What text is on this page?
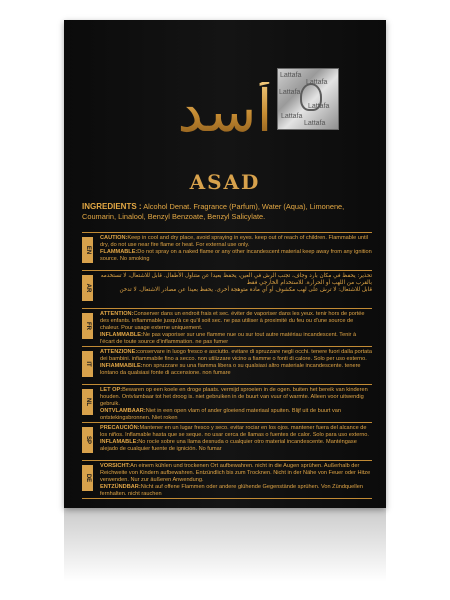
Lattafa
أسد
ASAD
INGREDIENTS : Alcohol Denat. Fragrance (Parfum), Water (Aqua), Limonene, Coumarin, Linalool, Benzyl Benzoate, Benzyl Salicylate.
EN
CAUTION:Keep in cool and dry place, avoid spraying in eyes. keep out of reach of children. Flammable until dry, do not use near fire flame or heat. For external use only.
FLAMMABLE:Do not spray on a naked flame or any other incandescent material keep away from any ignition source. No smoking
AR
تحذير: يحفظ في مكان بارد وجاف، تجنب الرش في العين، يحفظ بعيدا عن متناول الأطفال. قابل للاشتعال، لا تستخدمه بالقرب من اللهب أو الحرارة. للاستخدام الخارجي فقط
قابل للاشتعال: لا ترش على لهب مكشوف أو أي مادة متوهجة أخرى. يحفظ بعيدا عن مصادر الاشتعال. لا تدخن
FR
ATTENTION:Conserver dans un endroit frais et sec. éviter de vaporiser dans les yeux. tenir hors de portée des enfants. inflammable jusqu'à ce qu'il soit sec. ne pas utiliser à proximité du feu ou d'une source de chaleur. Pour usage externe uniquement.
INFLAMMABLE:Ne pas vaporiser sur une flamme nue ou sur tout autre matériau incandescent. Tenir à l'écart de toute source d'inflammation. ne pas fumer
IT
ATTENZIONE:conservare in luogo fresco e asciutto. evitare di spruzzare negli occhi. tenere fuori dalla portata dei bambini. infiammabile fino a secco. non utilizzare vicino a fiamme o fonti di calore. Solo per uso esterno.
INFIAMMABILE:non spruzzare su una fiamma libera o su qualsiasi altro materiale incandescente. tenere lontano da qualsiasi fonte di accensione. non fumare
NL
LET OP:Bewaren op een koele en droge plaats. vermijd sproeien in de ogen. buiten het bereik van kinderen houden. Ontvlambaar tot het droog is. niet gebruiken in de buurt van vuur of warmte. Alleen voor uitwendig gebruik.
ONTVLAMBAAR:Niet in een open vlam of ander gloeiend materiaal spuiten. Blijf uit de buurt van ontstekingsbronnen. Niet roken
SP
PRECAUCIÓN:Mantener en un lugar fresco y seco. evitar rociar en los ojos. mantener fuera del alcance de los niños. Inflamable hasta que se seque. no usar cerca de llamas o fuentes de calor. Solo para uso externo.
INFLAMABLE:No rocíe sobre una llama desnuda o cualquier otro material incandescente. Manténgase alejado de cualquier fuente de ignición. No fumar
DE
VORSICHT:An einem kühlen und trockenen Ort aufbewahren. nicht in die Augen sprühen. Außerhalb der Reichweite von Kindern aufbewahren. Entzündlich bis zum Trocknen. Nicht in der Nähe von Feuer oder Hitze verwenden. Nur zur äußeren Anwendung.
ENTZÜNDBAR:Nicht auf offene Flammen oder andere glühende Gegenstände sprühen. Von Zündquellen fernhalten. nicht rauchen
